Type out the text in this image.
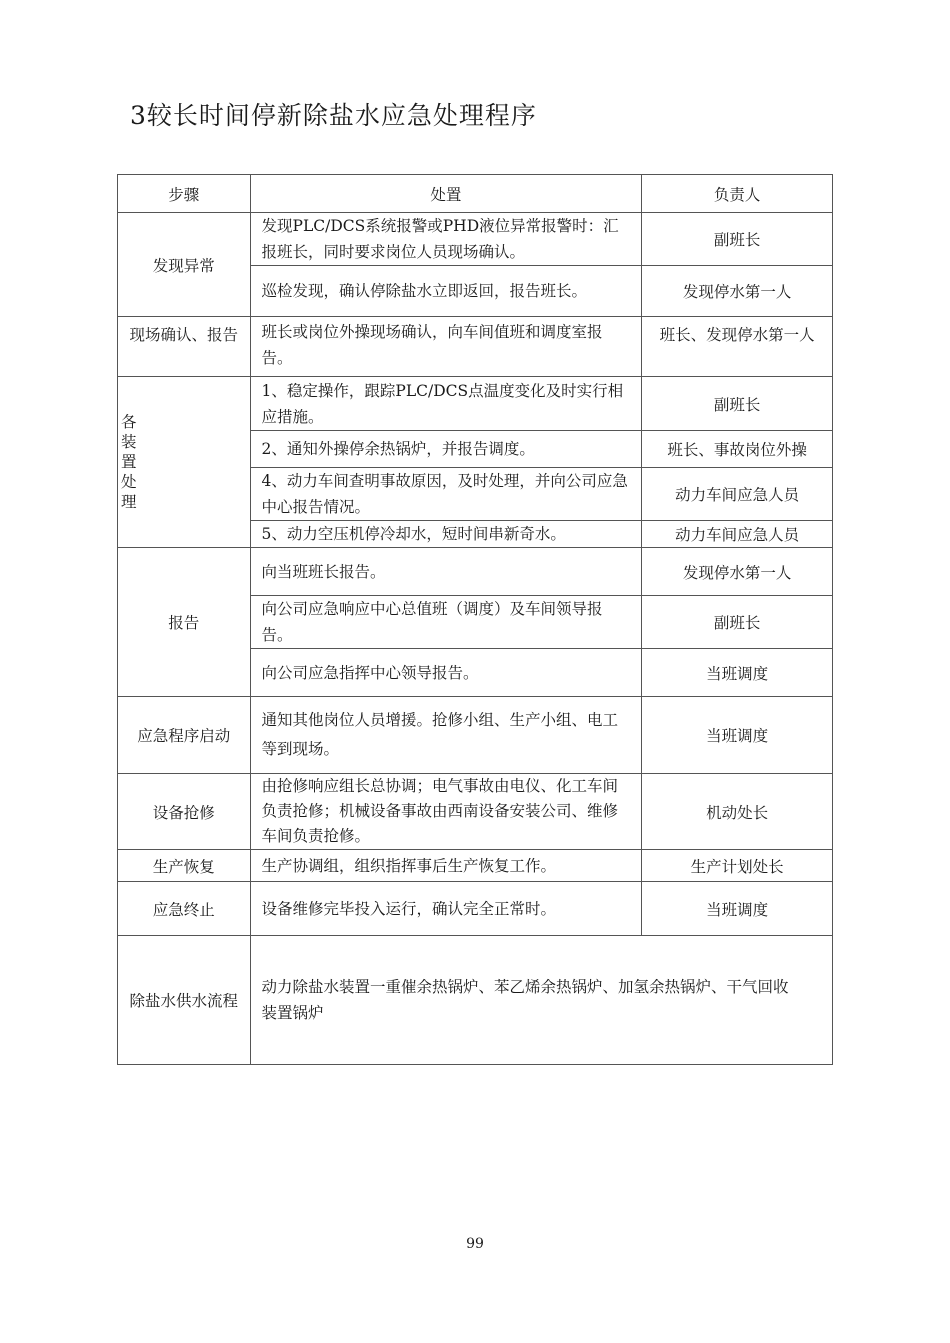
3较长时间停新除盐水应急处理程序
步骤	处置	负责人
发现异常	发现PLC/DCS系统报警或PHD液位异常报警时：汇报班长，同时要求岗位人员现场确认。	副班长
	巡检发现，确认停除盐水立即返回，报告班长。	发现停水第一人
现场确认、报告	班长或岗位外操现场确认，向车间值班和调度室报告。	班长、发现停水第一人

各装置处理	1、稳定操作，跟踪PLC/DCS点温度变化及时实行相应措施。	副班长
	2、通知外操停余热锅炉，并报告调度。	班长、事故岗位外操
	4、动力车间查明事故原因，及时处理，并向公司应急中心报告情况。	动力车间应急人员
	5、动力空压机停冷却水，短时间串新奇水。	动力车间应急人员
报告	向当班班长报告。	发现停水第一人
	向公司应急响应中心总值班（调度）及车间领导报告。	副班长
	向公司应急指挥中心领导报告。	当班调度
应急程序启动	通知其他岗位人员增援。抢修小组、生产小组、电工等到现场。	当班调度
设备抢修	由抢修响应组长总协调；电气事故由电仪、化工车间负责抢修；机械设备事故由西南设备安装公司、维修车间负责抢修。	机动处长
生产恢复	生产协调组，组织指挥事后生产恢复工作。	生产计划处长
应急终止	设备维修完毕投入运行，确认完全正常时。	当班调度
除盐水供水流程	动力除盐水装置一重催余热锅炉、苯乙烯余热锅炉、加氢余热锅炉、干气回收装置锅炉	
99
